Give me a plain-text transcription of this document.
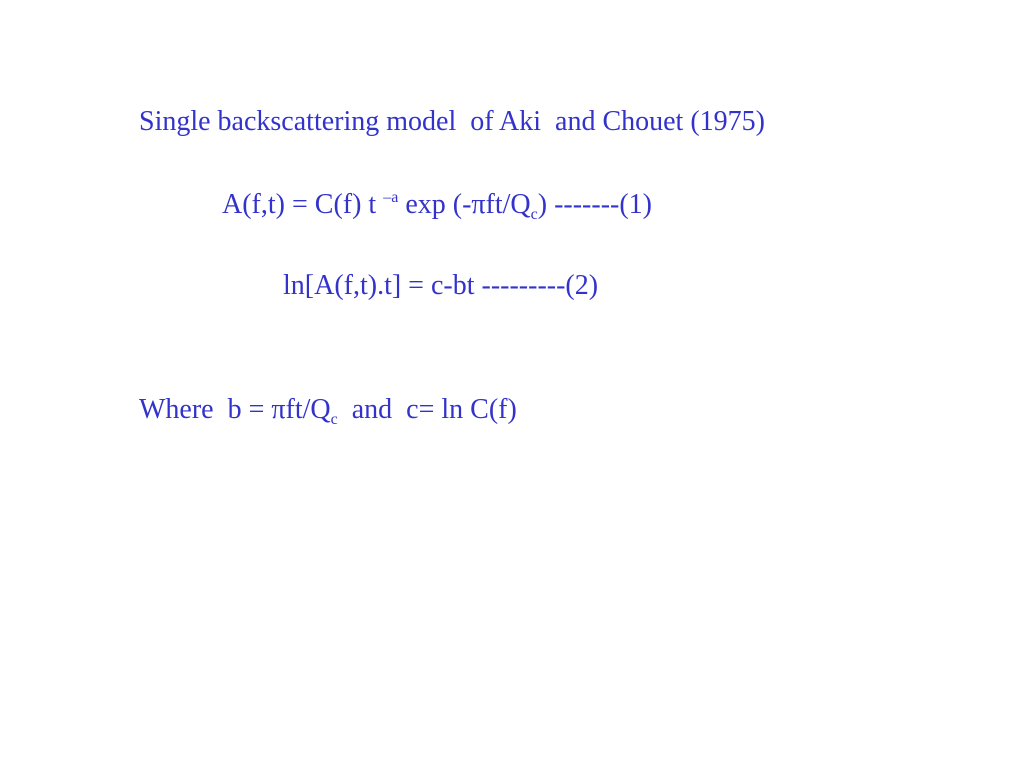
Single backscattering model  of Aki  and Chouet (1975)
A(f,t) = C(f) t $^{-a}$ $\exp (-\pi ft/Q_c)$ -------(1)
ln[A(f,t).t] = c-bt ---------(2)
Where  b = πft/$Q_c$  and  c= ln C(f)
